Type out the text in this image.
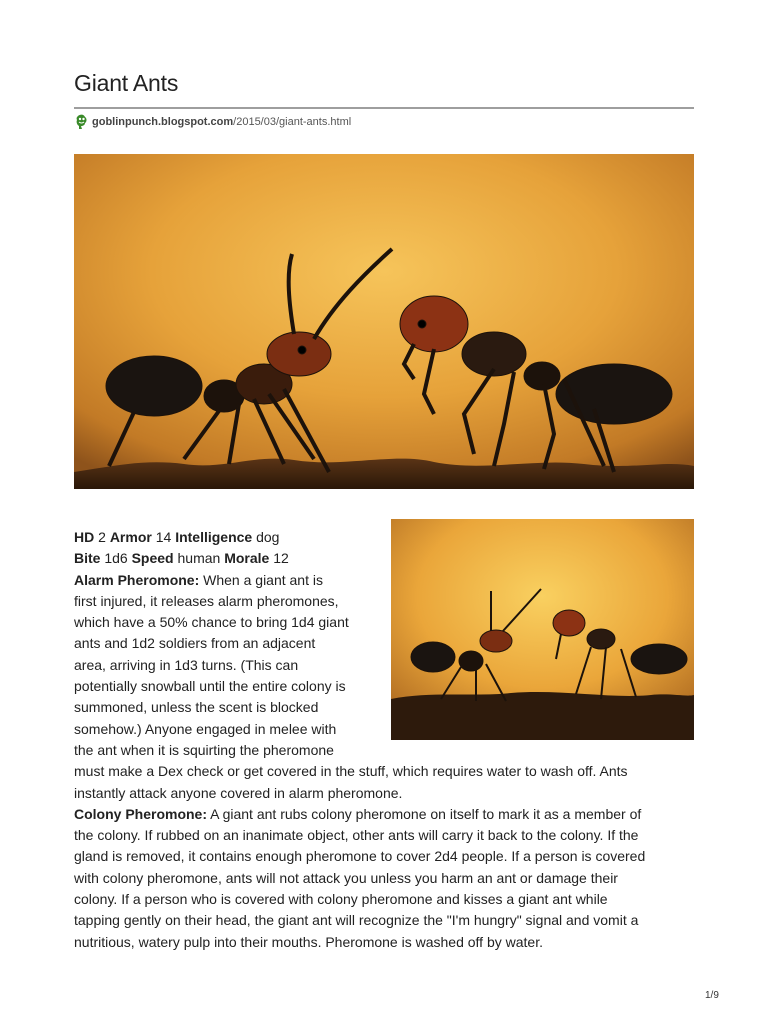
Giant Ants
goblinpunch.blogspot.com/2015/03/giant-ants.html
HD 2 Armor 14 Intelligence dog
Bite 1d6 Speed human Morale 12
Alarm Pheromone: When a giant ant is
first injured, it releases alarm pheromones,
which have a 50% chance to bring 1d4 giant
ants and 1d2 soldiers from an adjacent
area, arriving in 1d3 turns. (This can
potentially snowball until the entire colony is
summoned, unless the scent is blocked
somehow.) Anyone engaged in melee with
the ant when it is squirting the pheromone
must make a Dex check or get covered in the stuff, which requires water to wash off. Ants
instantly attack anyone covered in alarm pheromone.
Colony Pheromone: A giant ant rubs colony pheromone on itself to mark it as a member of
the colony. If rubbed on an inanimate object, other ants will carry it back to the colony. If the
gland is removed, it contains enough pheromone to cover 2d4 people. If a person is covered
with colony pheromone, ants will not attack you unless you harm an ant or damage their
colony. If a person who is covered with colony pheromone and kisses a giant ant while
tapping gently on their head, the giant ant will recognize the "I'm hungry" signal and vomit a
nutritious, watery pulp into their mouths. Pheromone is washed off by water.
1/9
